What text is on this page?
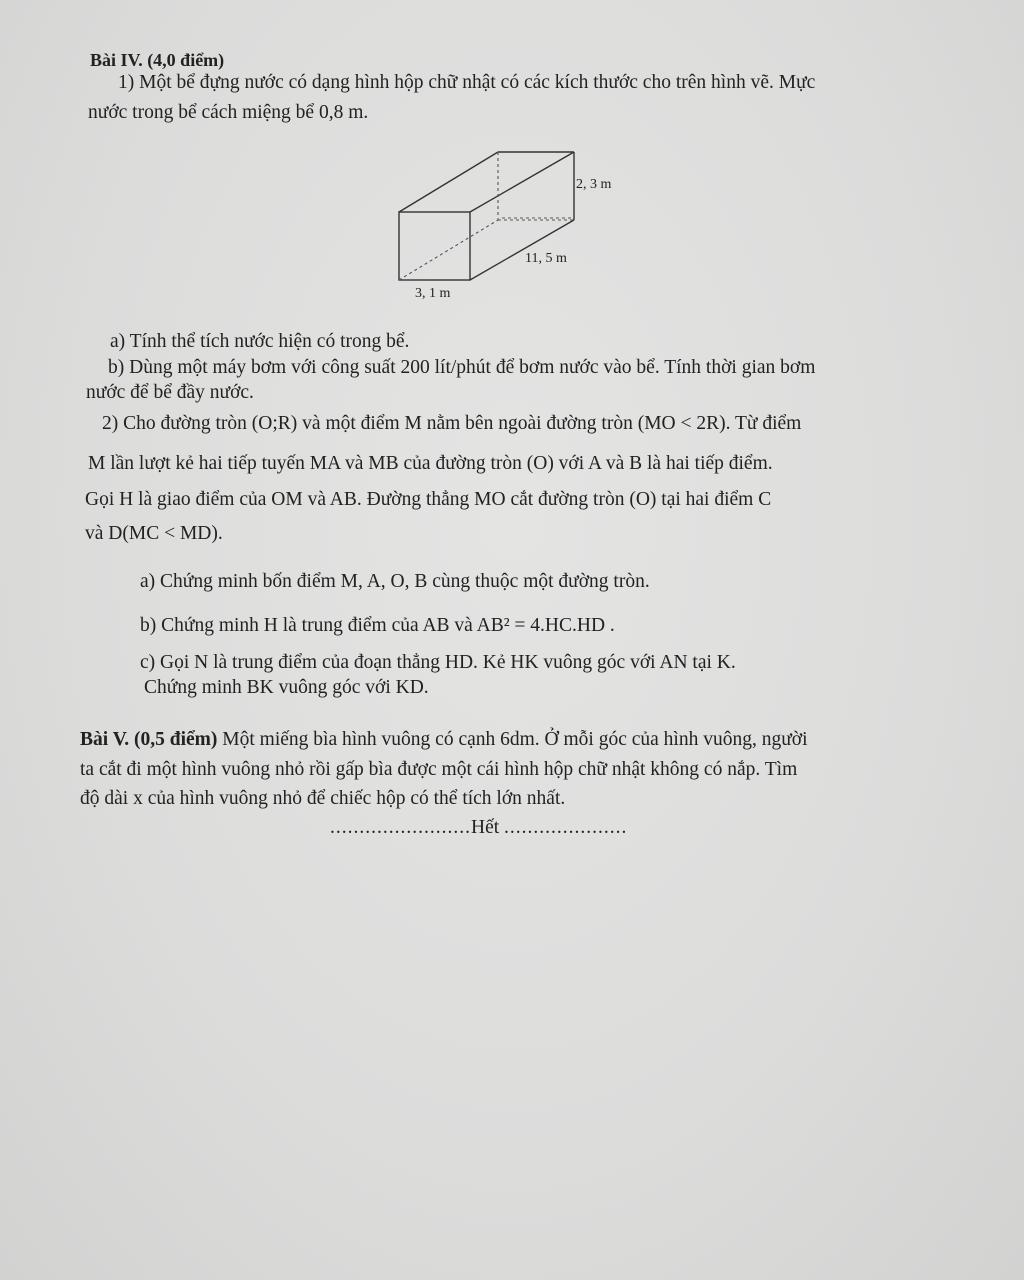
Bài IV. (4,0 điểm)
1) Một bể đựng nước có dạng hình hộp chữ nhật có các kích thước cho trên hình vẽ. Mực
nước trong bể cách miệng bể 0,8 m.
2, 3 m
11, 5 m
3, 1 m
a) Tính thể tích nước hiện có trong bể.
b) Dùng một máy bơm với công suất 200 lít/phút để bơm nước vào bể. Tính thời gian bơm
nước để bể đầy nước.
2) Cho đường tròn (O;R) và một điểm M nằm bên ngoài đường tròn (MO < 2R). Từ điểm
M lần lượt kẻ hai tiếp tuyến MA và MB của đường tròn (O) với A và B là hai tiếp điểm.
Gọi H là giao điểm của OM và AB. Đường thẳng MO cắt đường tròn (O) tại hai điểm C
và D(MC < MD).
a) Chứng minh bốn điểm M, A, O, B cùng thuộc một đường tròn.
b) Chứng minh H là trung điểm của AB và AB² = 4.HC.HD .
c) Gọi N là trung điểm của đoạn thẳng HD. Kẻ HK vuông góc với AN tại K.
Chứng minh BK vuông góc với KD.
Bài V. (0,5 điểm) Một miếng bìa hình vuông có cạnh 6dm. Ở mỗi góc của hình vuông, người
ta cắt đi một hình vuông nhỏ rồi gấp bìa được một cái hình hộp chữ nhật không có nắp. Tìm
độ dài x của hình vuông nhỏ để chiếc hộp có thể tích lớn nhất.
........................Hết .....................
